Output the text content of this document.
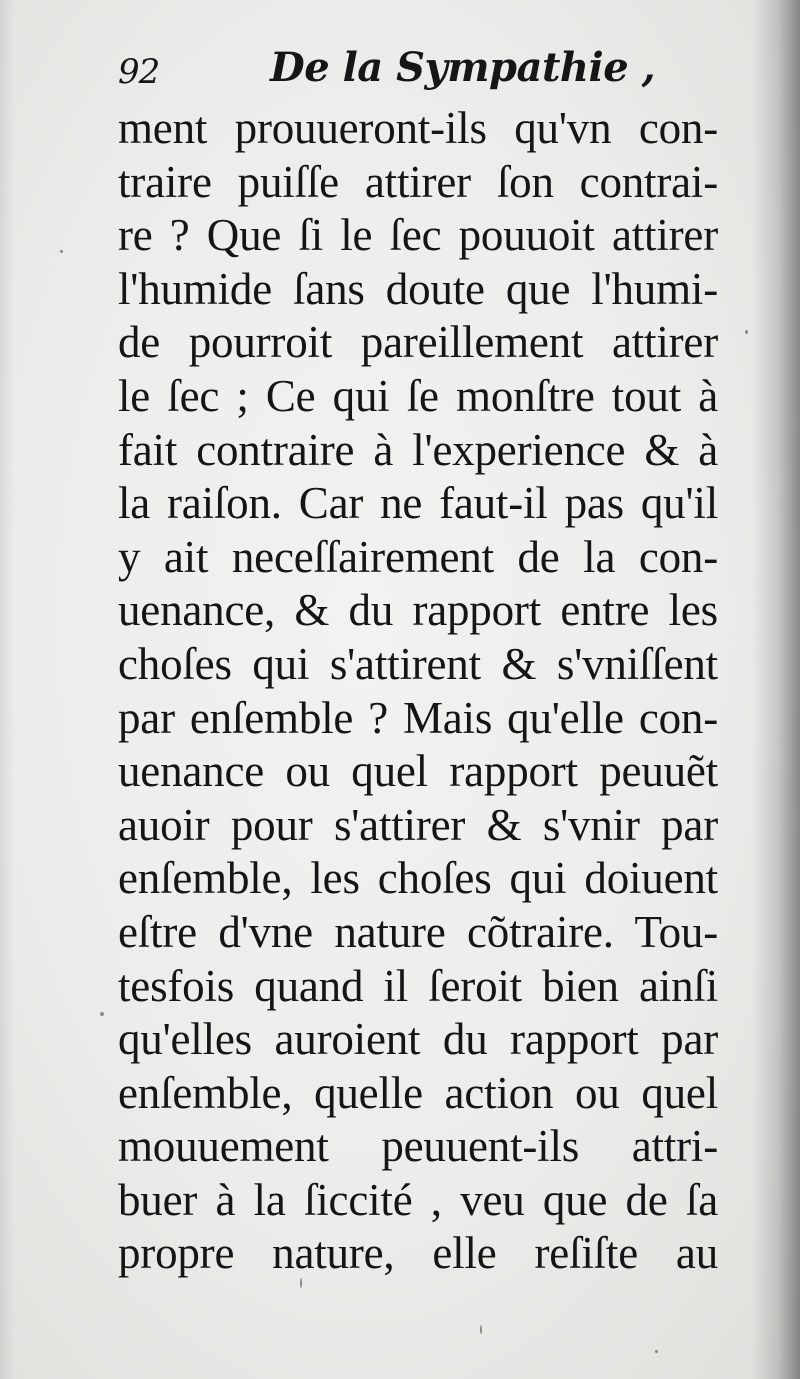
92	De la Sympathie ,
ment prouueront-ils qu'vn con-
traire puiſſe attirer ſon contrai-
re ? Que ſi le ſec pouuoit attirer
l'humide ſans doute que l'humi-
de pourroit pareillement attirer
le ſec ; Ce qui ſe monſtre tout à
fait contraire à l'experience & à
la raiſon. Car ne faut-il pas qu'il
y ait neceſſairement de la con-
uenance, & du rapport entre les
choſes qui s'attirent & s'vniſſent
par enſemble ? Mais qu'elle con-
uenance ou quel rapport peuuẽt
auoir pour s'attirer & s'vnir par
enſemble, les choſes qui doiuent
eſtre d'vne nature cõtraire. Tou-
tesfois quand il ſeroit bien ainſi
qu'elles auroient du rapport par
enſemble, quelle action ou quel
mouuement peuuent-ils attri-
buer à la ſiccité , veu que de ſa
propre nature, elle reſiſte au
